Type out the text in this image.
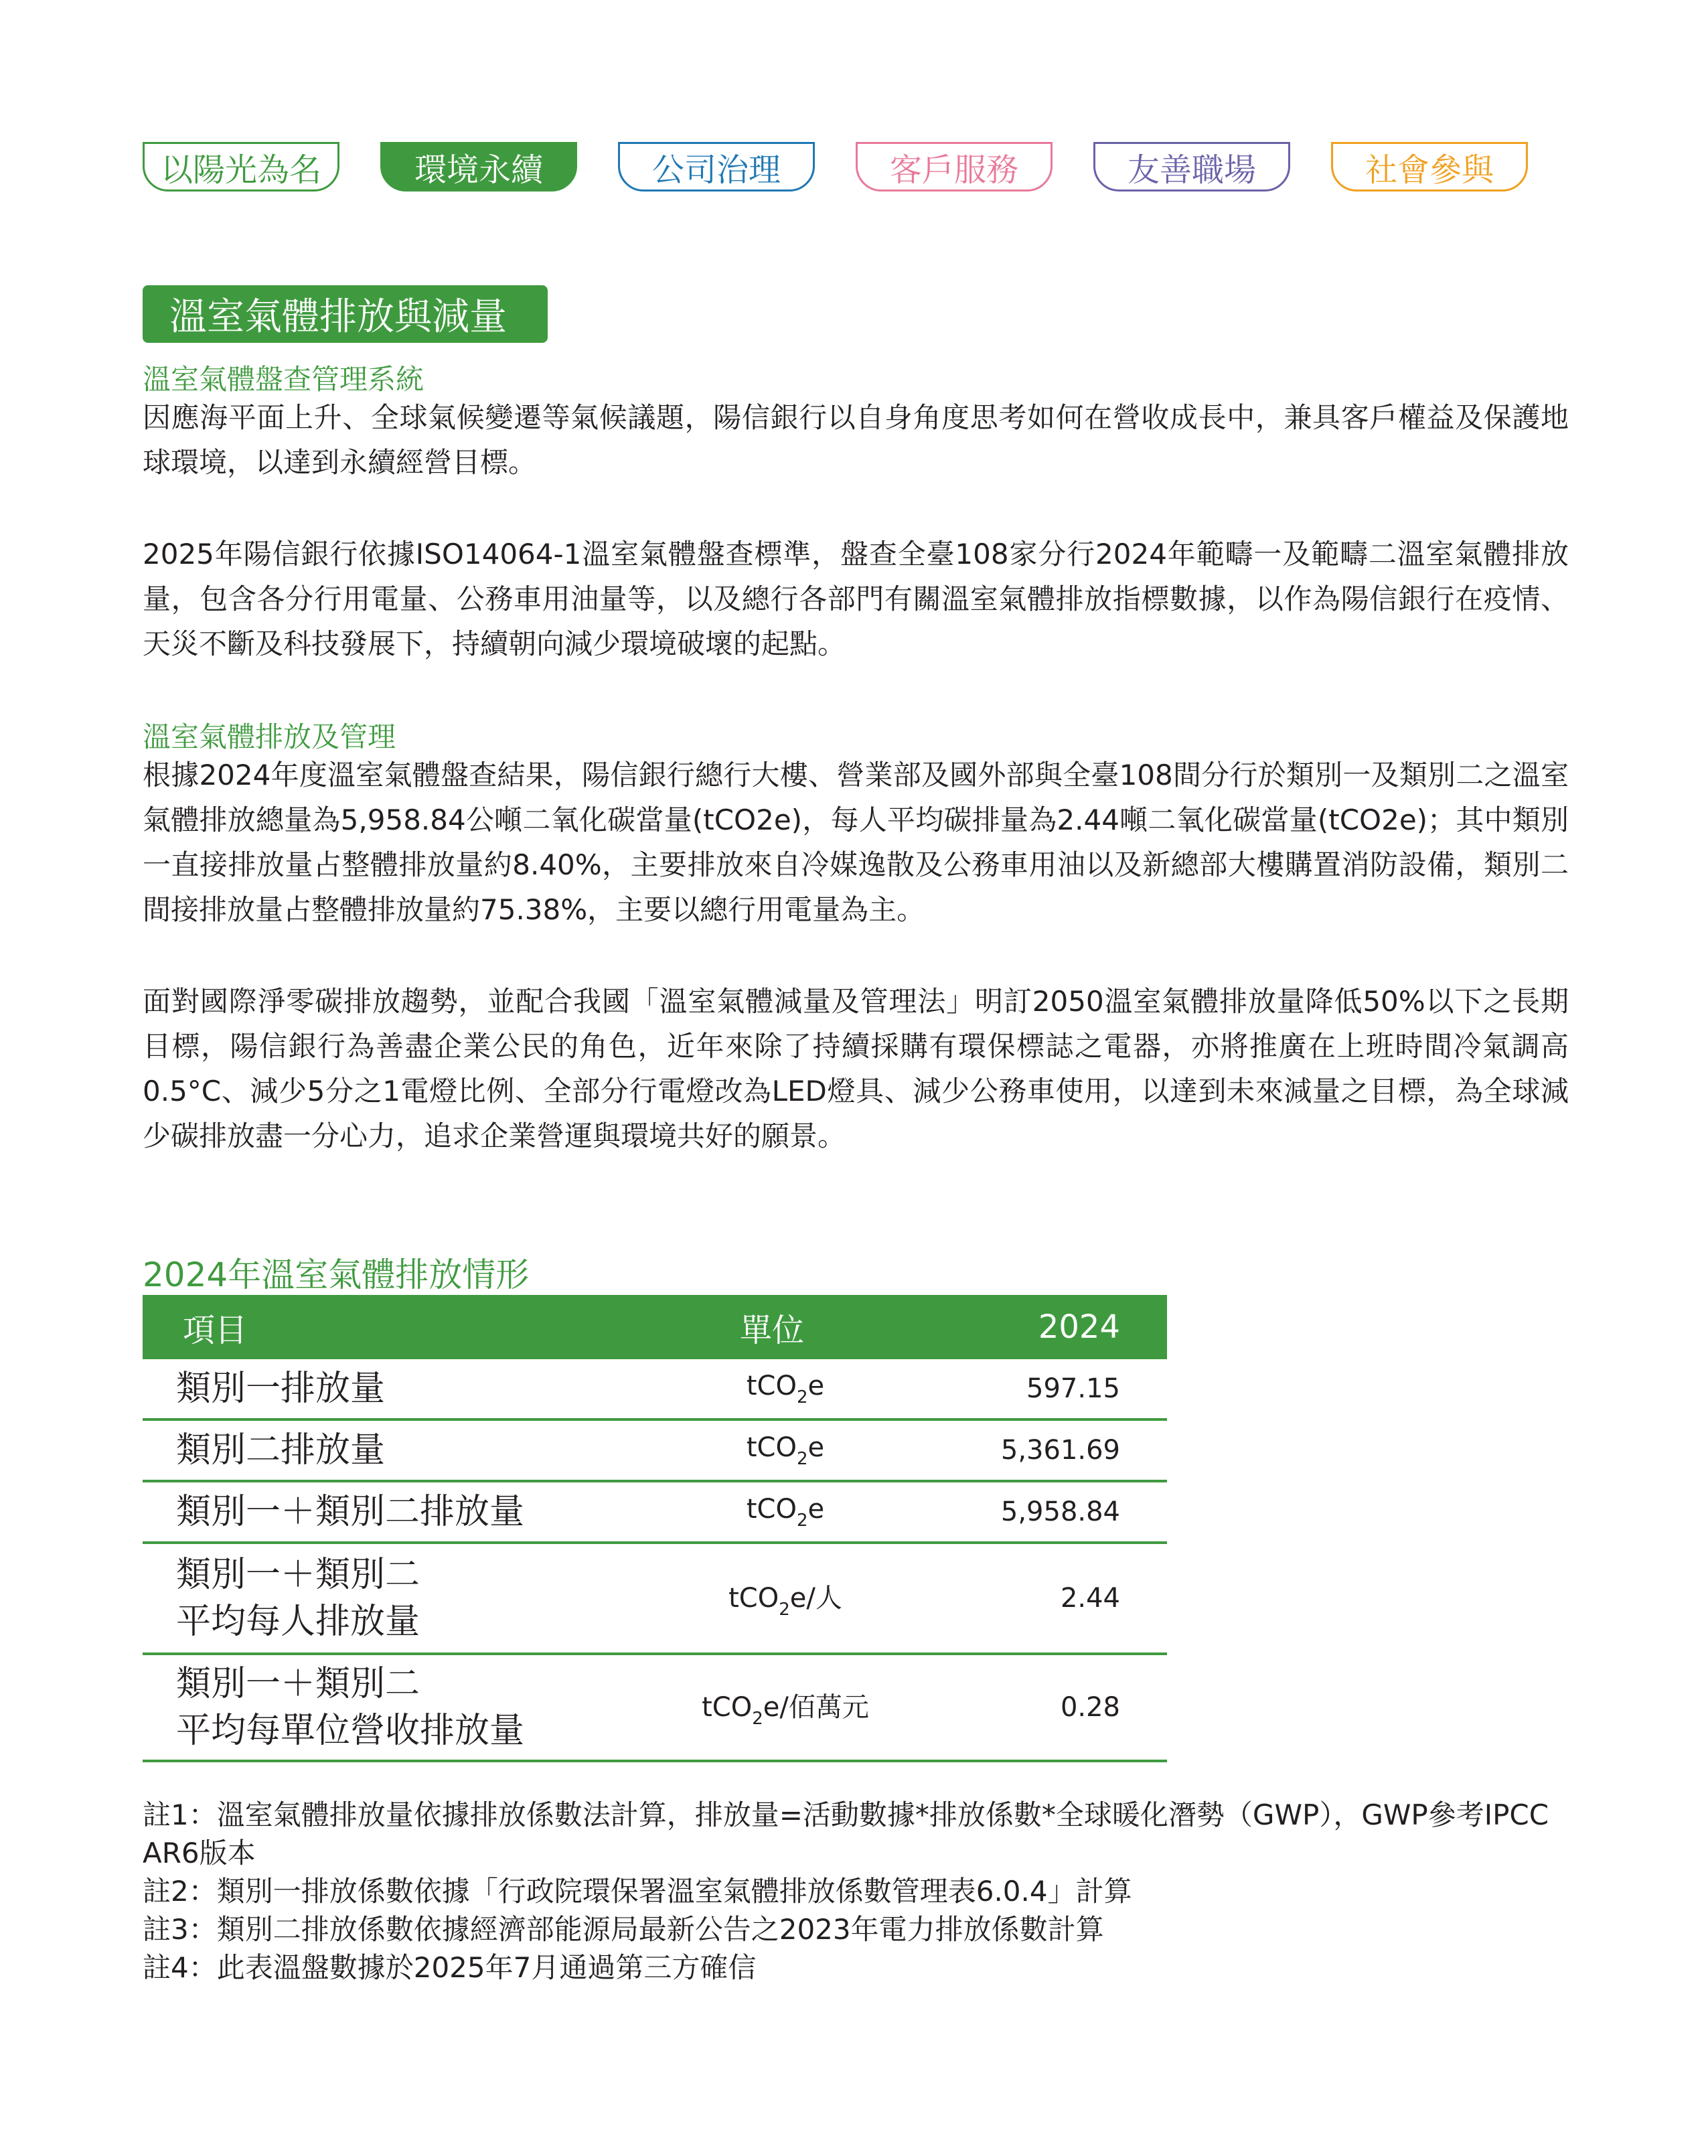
以陽光為名	環境永續	公司治理	客戶服務	友善職場	社會參與
溫室氣體排放與減量
溫室氣體盤查管理系統

因應海平面上升、全球氣候變遷等氣候議題，陽信銀行以自身角度思考如何在營收成長中，兼具客戶權益及保護地球環境，以達到永續經營目標。

2025年陽信銀行依據ISO14064-1溫室氣體盤查標準，盤查全臺108家分行2024年範疇一及範疇二溫室氣體排放量，包含各分行用電量、公務車用油量等，以及總行各部門有關溫室氣體排放指標數據，以作為陽信銀行在疫情、天災不斷及科技發展下，持續朝向減少環境破壞的起點。

溫室氣體排放及管理

根據2024年度溫室氣體盤查結果，陽信銀行總行大樓、營業部及國外部與全臺108間分行於類別一及類別二之溫室氣體排放總量為5,958.84公噸二氧化碳當量(tCO2e)，每人平均碳排量為2.44噸二氧化碳當量(tCO2e)；其中類別一直接排放量占整體排放量約8.40%，主要排放來自冷媒逸散及公務車用油以及新總部大樓購置消防設備，類別二間接排放量占整體排放量約75.38%，主要以總行用電量為主。

面對國際淨零碳排放趨勢，並配合我國「溫室氣體減量及管理法」明訂2050溫室氣體排放量降低50%以下之長期目標，陽信銀行為善盡企業公民的角色，近年來除了持續採購有環保標誌之電器，亦將推廣在上班時間冷氣調高0.5°C、減少5分之1電燈比例、全部分行電燈改為LED燈具、減少公務車使用，以達到未來減量之目標，為全球減少碳排放盡一分心力，追求企業營運與環境共好的願景。

2024年溫室氣體排放情形
項目	單位	2024
類別一排放量	tCO$_2$e	597.15
類別二排放量	tCO$_2$e	5,361.69
類別一＋類別二排放量	tCO$_2$e	5,958.84
類別一＋類別二
平均每人排放量
tCO$_2$e/人	2.44
類別一＋類別二
平均每單位營收排放量
tCO$_2$e/佰萬元	0.28
註1：溫室氣體排放量依據排放係數法計算，排放量=活動數據*排放係數*全球暖化潛勢（GWP），GWP參考IPCC AR6版本
註2：類別一排放係數依據「行政院環保署溫室氣體排放係數管理表6.0.4」計算
註3：類別二排放係數依據經濟部能源局最新公告之2023年電力排放係數計算
註4：此表溫盤數據於2025年7月通過第三方確信
